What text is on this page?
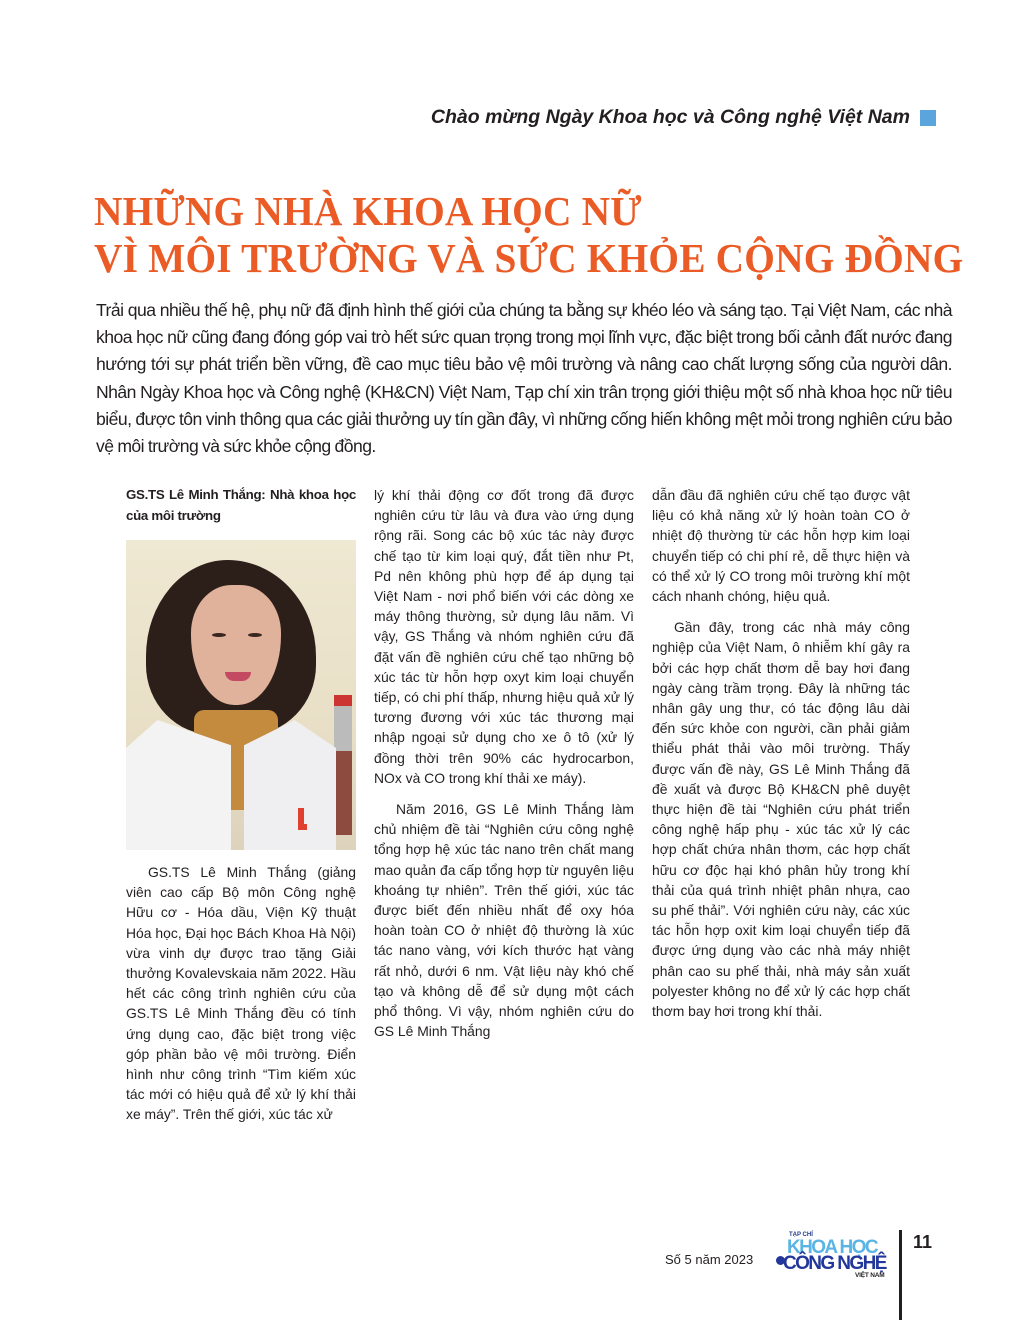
Chào mừng Ngày Khoa học và Công nghệ Việt Nam
NHỮNG NHÀ KHOA HỌC NỮ
VÌ MÔI TRƯỜNG VÀ SỨC KHỎE CỘNG ĐỒNG

Trải qua nhiều thế hệ, phụ nữ đã định hình thế giới của chúng ta bằng sự khéo léo và sáng tạo. Tại Việt Nam, các nhà khoa học nữ cũng đang đóng góp vai trò hết sức quan trọng trong mọi lĩnh vực, đặc biệt trong bối cảnh đất nước đang hướng tới sự phát triển bền vững, đề cao mục tiêu bảo vệ môi trường và nâng cao chất lượng sống của người dân. Nhân Ngày Khoa học và Công nghệ (KH&CN) Việt Nam, Tạp chí xin trân trọng giới thiệu một số nhà khoa học nữ tiêu biểu, được tôn vinh thông qua các giải thưởng uy tín gần đây, vì những cống hiến không mệt mỏi trong nghiên cứu bảo vệ môi trường và sức khỏe cộng đồng.

GS.TS Lê Minh Thắng: Nhà khoa học của môi trường

GS.TS Lê Minh Thắng (giảng viên cao cấp Bộ môn Công nghệ Hữu cơ - Hóa dầu, Viện Kỹ thuật Hóa học, Đại học Bách Khoa Hà Nội) vừa vinh dự được trao tặng Giải thưởng Kovalevskaia năm 2022. Hầu hết các công trình nghiên cứu của GS.TS Lê Minh Thắng đều có tính ứng dụng cao, đặc biệt trong việc góp phần bảo vệ môi trường. Điển hình như công trình “Tìm kiếm xúc tác mới có hiệu quả để xử lý khí thải xe máy”. Trên thế giới, xúc tác xử

lý khí thải động cơ đốt trong đã được nghiên cứu từ lâu và đưa vào ứng dụng rộng rãi. Song các bộ xúc tác này được chế tạo từ kim loại quý, đắt tiền như Pt, Pd nên không phù hợp để áp dụng tại Việt Nam - nơi phổ biến với các dòng xe máy thông thường, sử dụng lâu năm. Vì vậy, GS Thắng và nhóm nghiên cứu đã đặt vấn đề nghiên cứu chế tạo những bộ xúc tác từ hỗn hợp oxyt kim loại chuyển tiếp, có chi phí thấp, nhưng hiệu quả xử lý tương đương với xúc tác thương mại nhập ngoại sử dụng cho xe ô tô (xử lý đồng thời trên 90% các hydrocarbon, NOx và CO trong khí thải xe máy).

Năm 2016, GS Lê Minh Thắng làm chủ nhiệm đề tài “Nghiên cứu công nghệ tổng hợp hệ xúc tác nano trên chất mang mao quản đa cấp tổng hợp từ nguyên liệu khoáng tự nhiên”. Trên thế giới, xúc tác được biết đến nhiều nhất để oxy hóa hoàn toàn CO ở nhiệt độ thường là xúc tác nano vàng, với kích thước hạt vàng rất nhỏ, dưới 6 nm. Vật liệu này khó chế tạo và không dễ để sử dụng một cách phổ thông. Vì vậy, nhóm nghiên cứu do GS Lê Minh Thắng

dẫn đầu đã nghiên cứu chế tạo được vật liệu có khả năng xử lý hoàn toàn CO ở nhiệt độ thường từ các hỗn hợp kim loại chuyển tiếp có chi phí rẻ, dễ thực hiện và có thể xử lý CO trong môi trường khí một cách nhanh chóng, hiệu quả.

Gần đây, trong các nhà máy công nghiệp của Việt Nam, ô nhiễm khí gây ra bởi các hợp chất thơm dễ bay hơi đang ngày càng trầm trọng. Đây là những tác nhân gây ung thư, có tác động lâu dài đến sức khỏe con người, cần phải giảm thiểu phát thải vào môi trường. Thấy được vấn đề này, GS Lê Minh Thắng đã đề xuất và được Bộ KH&CN phê duyệt thực hiện đề tài “Nghiên cứu phát triển công nghệ hấp phụ - xúc tác xử lý các hợp chất chứa nhân thơm, các hợp chất hữu cơ độc hại khó phân hủy trong khí thải của quá trình nhiệt phân nhựa, cao su phế thải”. Với nghiên cứu này, các xúc tác hỗn hợp oxit kim loại chuyển tiếp đã được ứng dụng vào các nhà máy nhiệt phân cao su phế thải, nhà máy sản xuất polyester không no để xử lý các hợp chất thơm bay hơi trong khí thải.

Số 5 năm 2023
TẠP CHÍ
KHOA HỌC
CÔNG NGHỆ
VIỆT NAM
11
